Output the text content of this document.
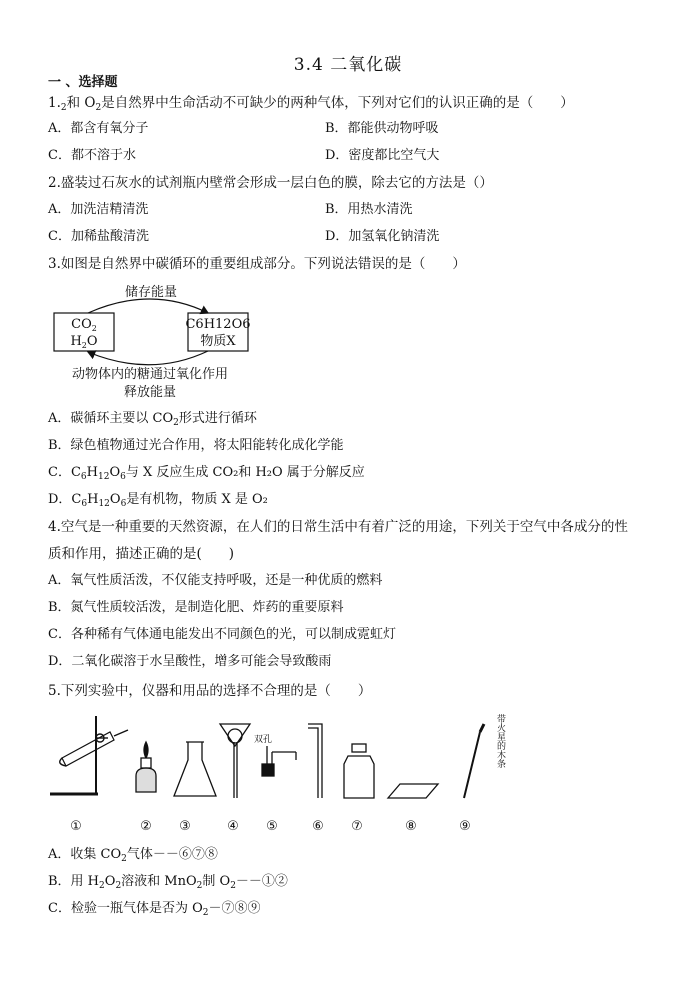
3.4 二氧化碳
一 、选择题
$1._2$和 $O_2$是自然界中生命活动不可缺少的两种气体，下列对它们的认识正确的是（　　）
A．都含有氧分子	B．都能供动物呼吸
C．都不溶于水	D．密度都比空气大
2.盛装过石灰水的试剂瓶内壁常会形成一层白色的膜，除去它的方法是（）
A．加洗洁精清洗	B．用热水清洗
C．加稀盐酸清洗	D．加氢氧化钠清洗
3.如图是自然界中碳循环的重要组成部分。下列说法错误的是（　　）
储存能量
$CO_2$
$H_2O$
C6H12O6
物质X
动物体内的糖通过氧化作用
释放能量
A．碳循环主要以 $CO_2$形式进行循环
B．绿色植物通过光合作用，将太阳能转化成化学能
C．$C_6H_{12}O_6$与 X 反应生成 CO₂和 H₂O 属于分解反应
D．$C_6H_{12}O_6$是有机物，物质 X 是 O₂
4.空气是一种重要的天然资源，在人们的日常生活中有着广泛的用途，下列关于空气中各成分的性
质和作用，描述正确的是(　　)
A．氧气性质活泼，不仅能支持呼吸，还是一种优质的燃料
B．氮气性质较活泼，是制造化肥、炸药的重要原料
C．各种稀有气体通电能发出不同颜色的光，可以制成霓虹灯
D．二氧化碳溶于水呈酸性，增多可能会导致酸雨
5.下列实验中，仪器和用品的选择不合理的是（　　）
双孔	带火星的木条
①	② ③	④ ⑤	⑥ ⑦	⑧	⑨
A．收集 $CO_2$气体－－⑥⑦⑧
B．用 $H_2O_2$溶液和 MnO$_2$制 $O_2--①②$
C．检验一瓶气体是否为 $O_2-⑦⑧⑨$
